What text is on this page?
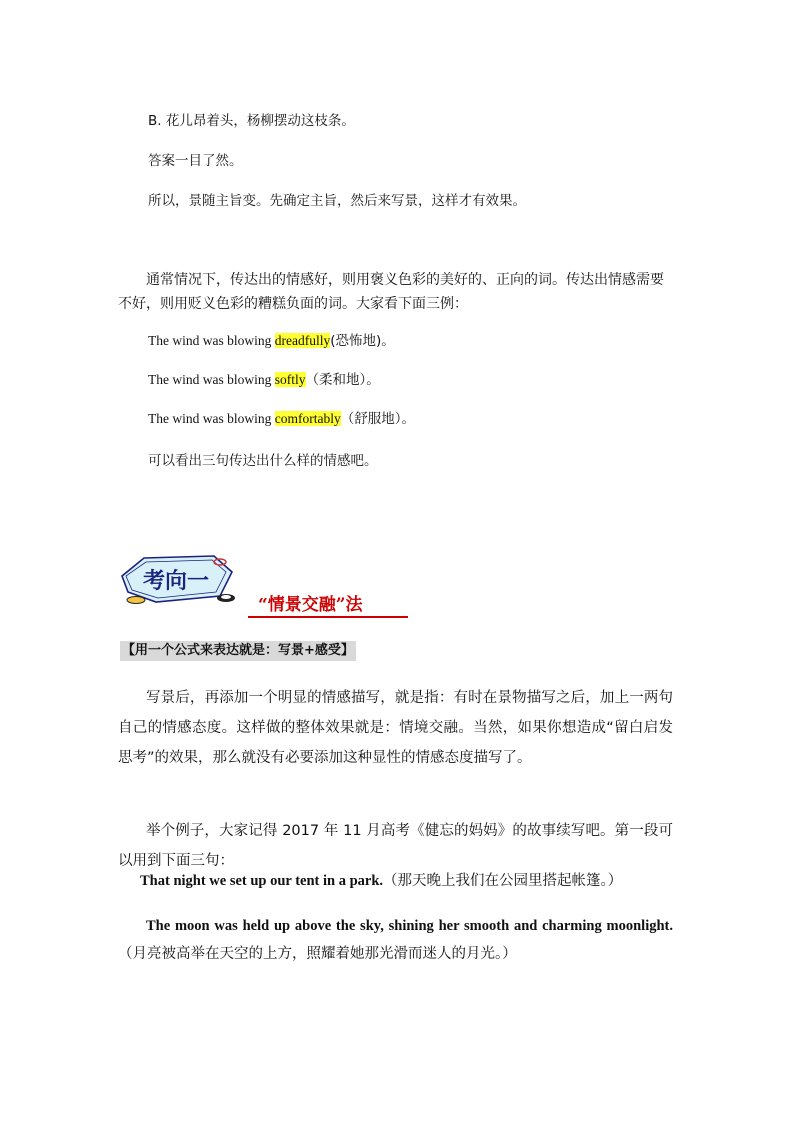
B. 花儿昂着头，杨柳摆动这枝条。
答案一目了然。
所以，景随主旨变。先确定主旨，然后来写景，这样才有效果。
通常情况下，传达出的情感好，则用褒义色彩的美好的、正向的词。传达出情感需要不好，则用贬义色彩的糟糕负面的词。大家看下面三例：
The wind was blowing dreadfully(恐怖地)。
The wind was blowing softly（柔和地）。
The wind was blowing comfortably（舒服地）。
可以看出三句传达出什么样的情感吧。
考向一
“情景交融”法
【用一个公式来表达就是：写景+感受】
写景后，再添加一个明显的情感描写，就是指：有时在景物描写之后，加上一两句自己的情感态度。这样做的整体效果就是：情境交融。当然，如果你想造成“留白启发思考”的效果，那么就没有必要添加这种显性的情感态度描写了。
举个例子，大家记得 2017 年 11 月高考《健忘的妈妈》的故事续写吧。第一段可以用到下面三句：
That night we set up our tent in a park.（那天晚上我们在公园里搭起帐篷。）
The moon was held up above the sky, shining her smooth and charming moonlight.（月亮被高举在天空的上方，照耀着她那光滑而迷人的月光。）
